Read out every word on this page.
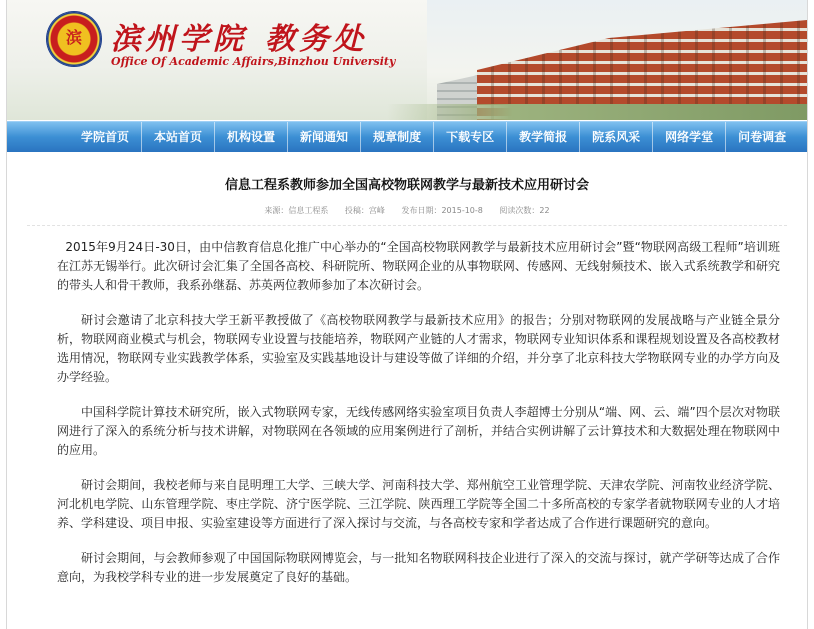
滨 滨州学院 教务处
Office Of Academic Affairs,Binzhou University
学院首页	本站首页	机构设置	新闻通知	规章制度	下载专区	教学简报	院系风采	网络学堂	问卷调查
信息工程系教师参加全国高校物联网教学与最新技术应用研讨会
来源：信息工程系 投稿：宫峰 发布日期：2015-10-8 阅读次数：22

2015年9月24日-30日，由中信教育信息化推广中心举办的“全国高校物联网教学与最新技术应用研讨会”暨“物联网高级工程师”培训班在江苏无锡举行。此次研讨会汇集了全国各高校、科研院所、物联网企业的从事物联网、传感网、无线射频技术、嵌入式系统教学和研究的带头人和骨干教师，我系孙继磊、苏英两位教师参加了本次研讨会。

研讨会邀请了北京科技大学王新平教授做了《高校物联网教学与最新技术应用》的报告；分别对物联网的发展战略与产业链全景分析，物联网商业模式与机会，物联网专业设置与技能培养，物联网产业链的人才需求，物联网专业知识体系和课程规划设置及各高校教材选用情况，物联网专业实践教学体系，实验室及实践基地设计与建设等做了详细的介绍，并分享了北京科技大学物联网专业的办学方向及办学经验。

中国科学院计算技术研究所，嵌入式物联网专家，无线传感网络实验室项目负责人李超博士分别从“端、网、云、端”四个层次对物联网进行了深入的系统分析与技术讲解，对物联网在各领域的应用案例进行了剖析，并结合实例讲解了云计算技术和大数据处理在物联网中的应用。

研讨会期间，我校老师与来自昆明理工大学、三峡大学、河南科技大学、郑州航空工业管理学院、天津农学院、河南牧业经济学院、河北机电学院、山东管理学院、枣庄学院、济宁医学院、三江学院、陕西理工学院等全国二十多所高校的专家学者就物联网专业的人才培养、学科建设、项目申报、实验室建设等方面进行了深入探讨与交流，与各高校专家和学者达成了合作进行课题研究的意向。

研讨会期间，与会教师参观了中国国际物联网博览会，与一批知名物联网科技企业进行了深入的交流与探讨，就产学研等达成了合作意向，为我校学科专业的进一步发展奠定了良好的基础。
